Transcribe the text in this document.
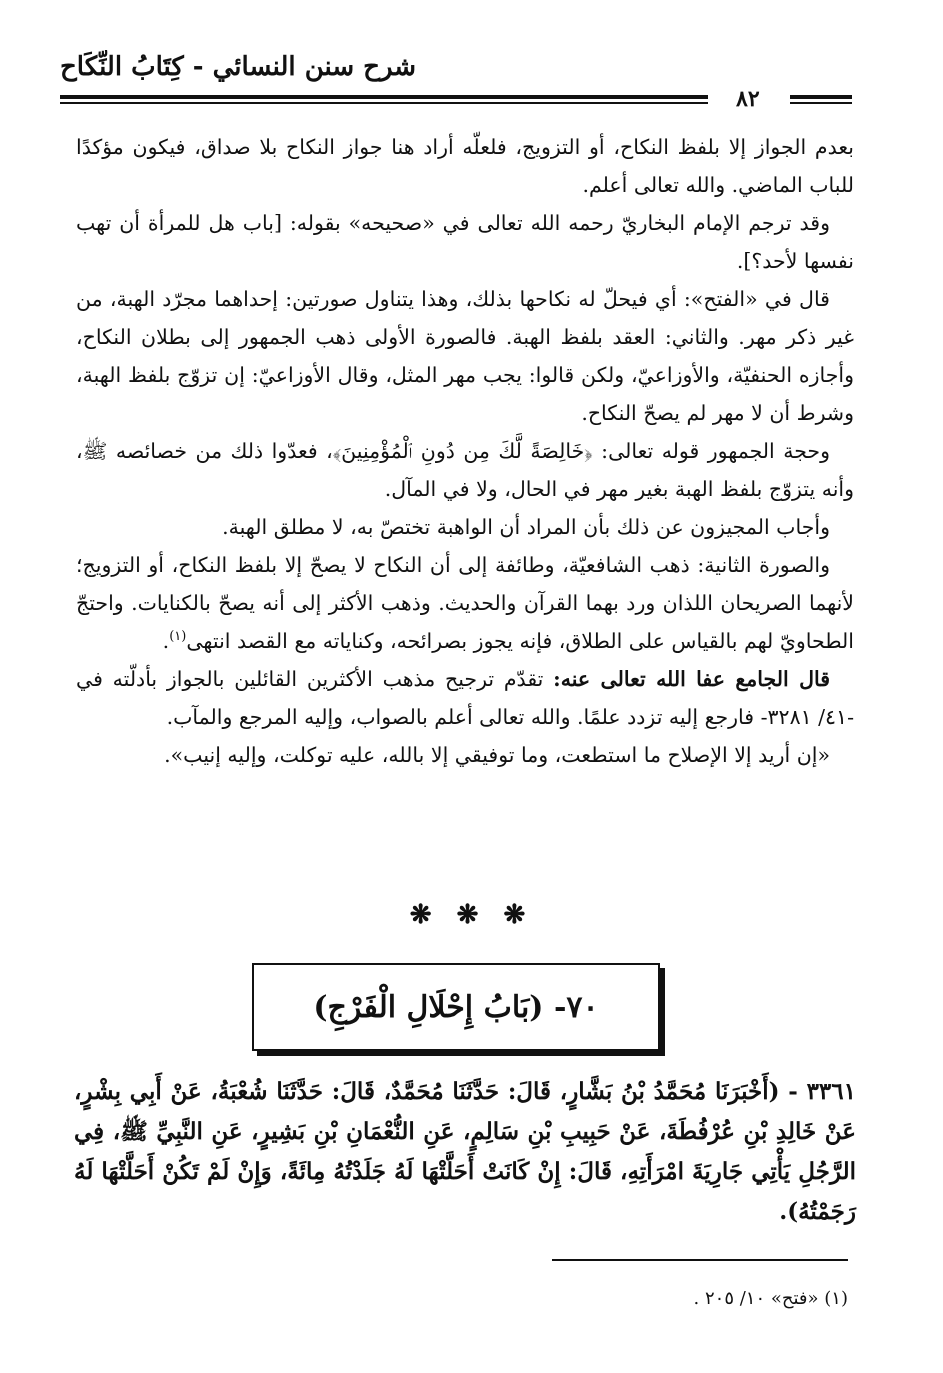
شرح سنن النسائي - كِتَابُ النِّكَاح
٨٢

بعدم الجواز إلا بلفظ النكاح، أو التزويج، فلعلّه أراد هنا جواز النكاح بلا صداق، فيكون مؤكدًا للباب الماضي. والله تعالى أعلم.

وقد ترجم الإمام البخاريّ رحمه الله تعالى في «صحيحه» بقوله: [باب هل للمرأة أن تهب نفسها لأحد؟].

قال في «الفتح»: أي فيحلّ له نكاحها بذلك، وهذا يتناول صورتين: إحداهما مجرّد الهبة، من غير ذكر مهر. والثاني: العقد بلفظ الهبة. فالصورة الأولى ذهب الجمهور إلى بطلان النكاح، وأجازه الحنفيّة، والأوزاعيّ، ولكن قالوا: يجب مهر المثل، وقال الأوزاعيّ: إن تزوّج بلفظ الهبة، وشرط أن لا مهر لم يصحّ النكاح.

وحجة الجمهور قوله تعالى: ﴿خَالِصَةً لَّكَ مِن دُونِ ٱلْمُؤْمِنِينَ﴾، فعدّوا ذلك من خصائصه ﷺ، وأنه يتزوّج بلفظ الهبة بغير مهر في الحال، ولا في المآل.

وأجاب المجيزون عن ذلك بأن المراد أن الواهبة تختصّ به، لا مطلق الهبة.

والصورة الثانية: ذهب الشافعيّة، وطائفة إلى أن النكاح لا يصحّ إلا بلفظ النكاح، أو التزويج؛ لأنهما الصريحان اللذان ورد بهما القرآن والحديث. وذهب الأكثر إلى أنه يصحّ بالكنايات. واحتجّ الطحاويّ لهم بالقياس على الطلاق، فإنه يجوز بصرائحه، وكناياته مع القصد انتهى$^{(١)}$.

قال الجامع عفا الله تعالى عنه: تقدّم ترجيح مذهب الأكثرين القائلين بالجواز بأدلّته في -٤١/ ٣٢٨١- فارجع إليه تزدد علمًا. والله تعالى أعلم بالصواب، وإليه المرجع والمآب.

«إن أريد إلا الإصلاح ما استطعت، وما توفيقي إلا بالله، عليه توكلت، وإليه إنيب».

❋ ❋ ❋
٧٠- (بَابُ إِحْلَالِ الْفَرْجِ)

٣٣٦١ - (أَخْبَرَنَا مُحَمَّدُ بْنُ بَشَّارٍ، قَالَ: حَدَّثَنَا مُحَمَّدٌ، قَالَ: حَدَّثَنَا شُعْبَةُ، عَنْ أَبِي بِشْرٍ، عَنْ خَالِدِ بْنِ عُرْفُطَةَ، عَنْ حَبِيبِ بْنِ سَالِمٍ، عَنِ النُّعْمَانِ بْنِ بَشِيرٍ، عَنِ النَّبِيِّ ﷺ، فِي الرَّجُلِ يَأْتِي جَارِيَةَ امْرَأَتِهِ، قَالَ: إِنْ كَانَتْ أَحَلَّتْهَا لَهُ جَلَدْتُهُ مِائَةً، وَإِنْ لَمْ تَكُنْ أَحَلَّتْهَا لَهُ رَجَمْتُهُ).

(١) «فتح» ١٠/ ٢٠٥ .
